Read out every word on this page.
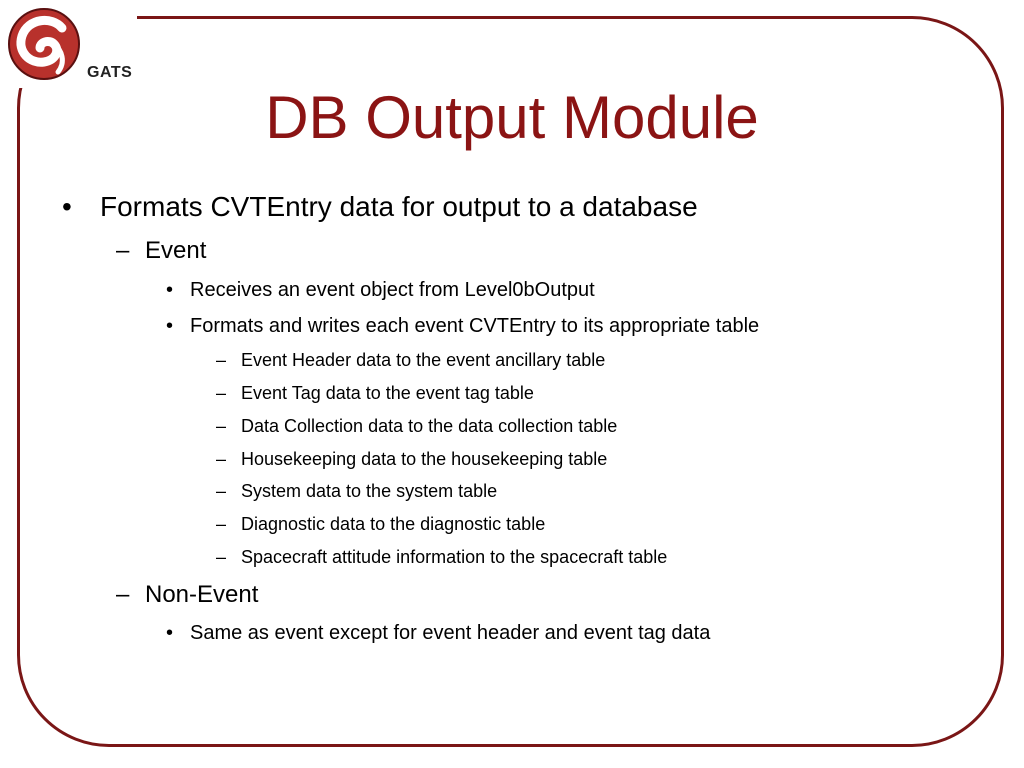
GATS
DB Output Module
• Formats CVTEntry data for output to a database
– Event
• Receives an event object from Level0bOutput
• Formats and writes each event CVTEntry to its appropriate table
– Event Header data to the event ancillary table
– Event Tag data to the event tag table
– Data Collection data to the data collection table
– Housekeeping data to the housekeeping table
– System data to the system table
– Diagnostic data to the diagnostic table
– Spacecraft attitude information to the spacecraft table
– Non-Event
• Same as event except for event header and event tag data
